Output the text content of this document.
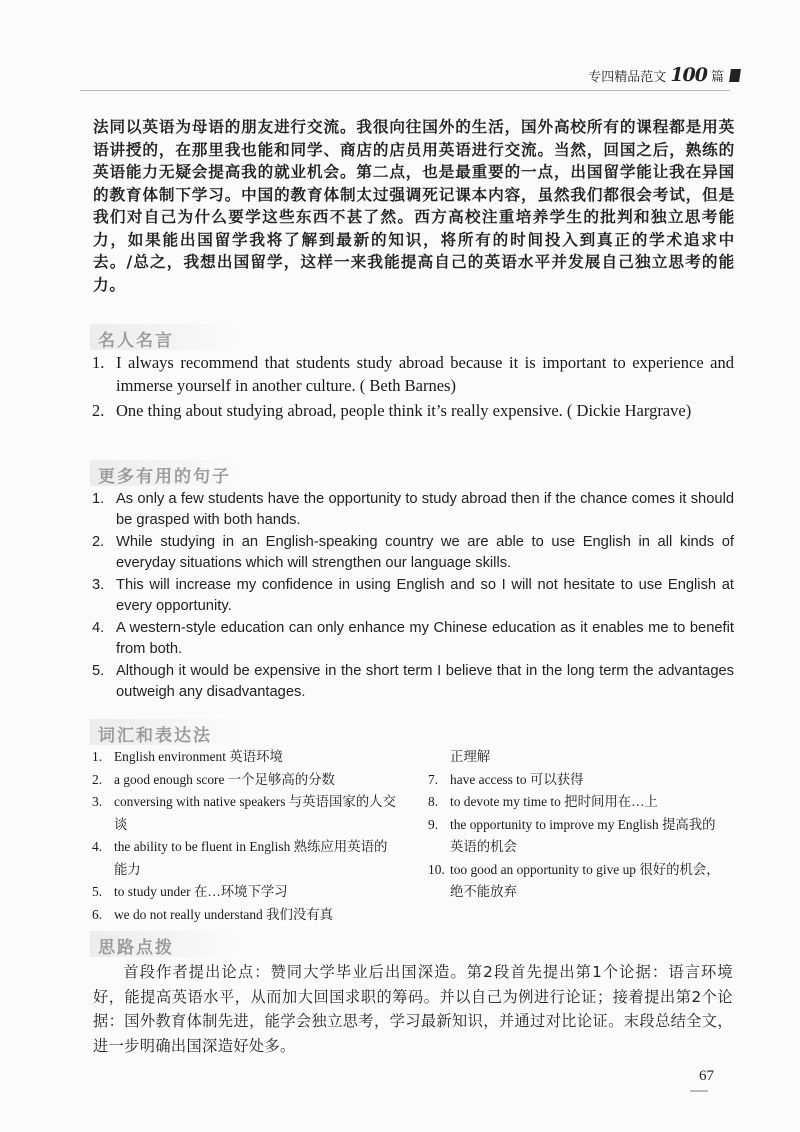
专四精品范文 100 篇
法同以英语为母语的朋友进行交流。我很向往国外的生活，国外高校所有的课程都是用英语讲授的，在那里我也能和同学、商店的店员用英语进行交流。当然，回国之后，熟练的英语能力无疑会提高我的就业机会。第二点，也是最重要的一点，出国留学能让我在异国的教育体制下学习。中国的教育体制太过强调死记课本内容，虽然我们都很会考试，但是我们对自己为什么要学这些东西不甚了然。西方高校注重培养学生的批判和独立思考能力，如果能出国留学我将了解到最新的知识，将所有的时间投入到真正的学术追求中去。/总之，我想出国留学，这样一来我能提高自己的英语水平并发展自己独立思考的能力。
名人名言
1. I always recommend that students study abroad because it is important to experience and immerse yourself in another culture. ( Beth Barnes)
2. One thing about studying abroad, people think it’s really expensive. ( Dickie Hargrave)
更多有用的句子
1. As only a few students have the opportunity to study abroad then if the chance comes it should be grasped with both hands.
2. While studying in an English-speaking country we are able to use English in all kinds of everyday situations which will strengthen our language skills.
3. This will increase my confidence in using English and so I will not hesitate to use English at every opportunity.
4. A western-style education can only enhance my Chinese education as it enables me to benefit from both.
5. Although it would be expensive in the short term I believe that in the long term the advantages outweigh any disadvantages.
词汇和表达法
1. English environment 英语环境
2. a good enough score 一个足够高的分数
3. conversing with native speakers 与英语国家的人交谈
4. the ability to be fluent in English 熟练应用英语的能力
5. to study under 在…环境下学习
6. we do not really understand 我们没有真
正理解
7. have access to 可以获得
8. to devote my time to 把时间用在…上
9. the opportunity to improve my English 提高我的英语的机会
10. too good an opportunity to give up 很好的机会，绝不能放弃
思路点拨
首段作者提出论点：赞同大学毕业后出国深造。第2段首先提出第1个论据：语言环境好，能提高英语水平，从而加大回国求职的筹码。并以自己为例进行论证；接着提出第2个论据：国外教育体制先进，能学会独立思考，学习最新知识，并通过对比论证。末段总结全文，进一步明确出国深造好处多。
67
